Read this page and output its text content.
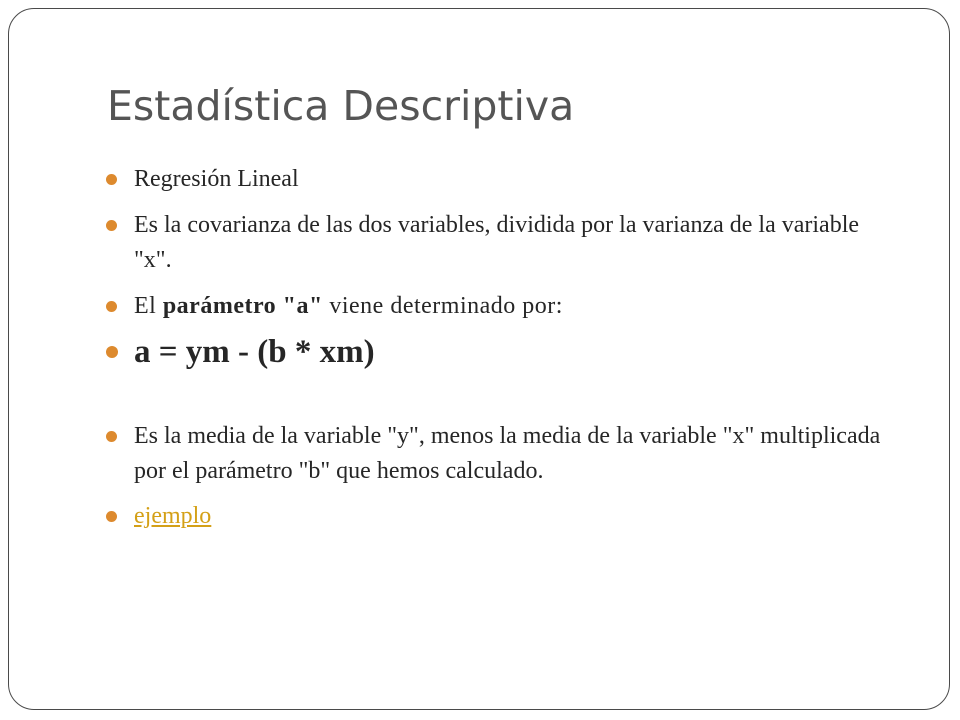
Estadística Descriptiva
Regresión Lineal
Es la covarianza de las dos variables, dividida por la varianza de la variable "x".
El parámetro "a" viene determinado por:
a = ym - (b * xm)
Es la media de la variable "y", menos la media de la variable "x" multiplicada por el parámetro "b" que hemos calculado.
ejemplo
